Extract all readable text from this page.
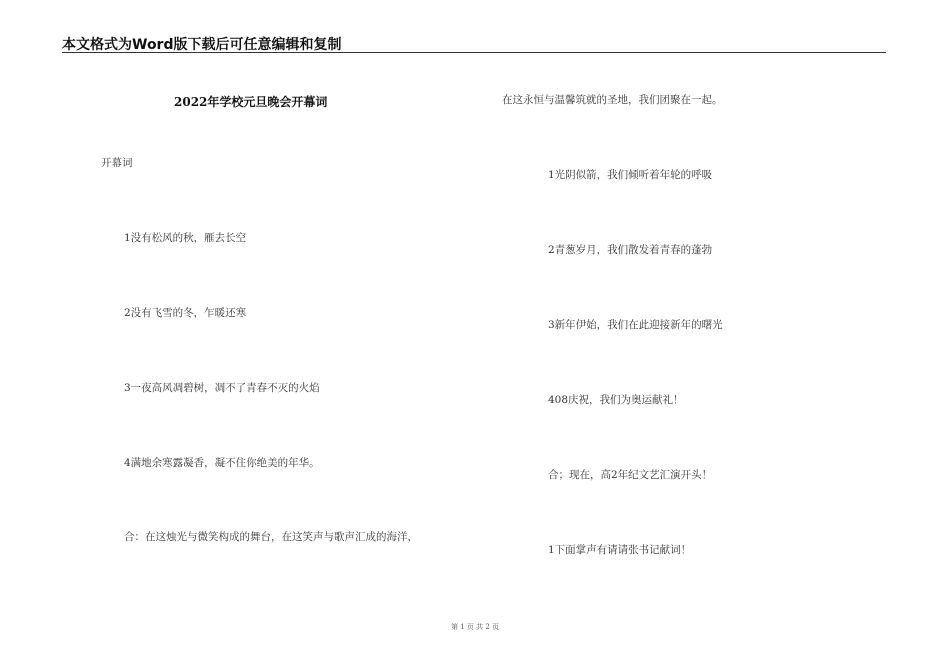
本文格式为Word版下载后可任意编辑和复制
2022年学校元旦晚会开幕词
开幕词
1没有松风的秋，雁去长空
2没有飞雪的冬，乍暖还寒
3一夜高风凋碧树，凋不了青春不灭的火焰
4满地余寒露凝香，凝不住你绝美的年华。
合：在这烛光与微笑构成的舞台，在这笑声与歌声汇成的海洋，
在这永恒与温馨筑就的圣地，我们团聚在一起。
1光阴似箭，我们倾听着年轮的呼吸
2青葱岁月，我们散发着青春的蓬勃
3新年伊始，我们在此迎接新年的曙光
408庆祝，我们为奥运献礼！
合；现在，高2年纪文艺汇演开头！
1下面掌声有请请张书记献词！
第 1 页 共 2 页
